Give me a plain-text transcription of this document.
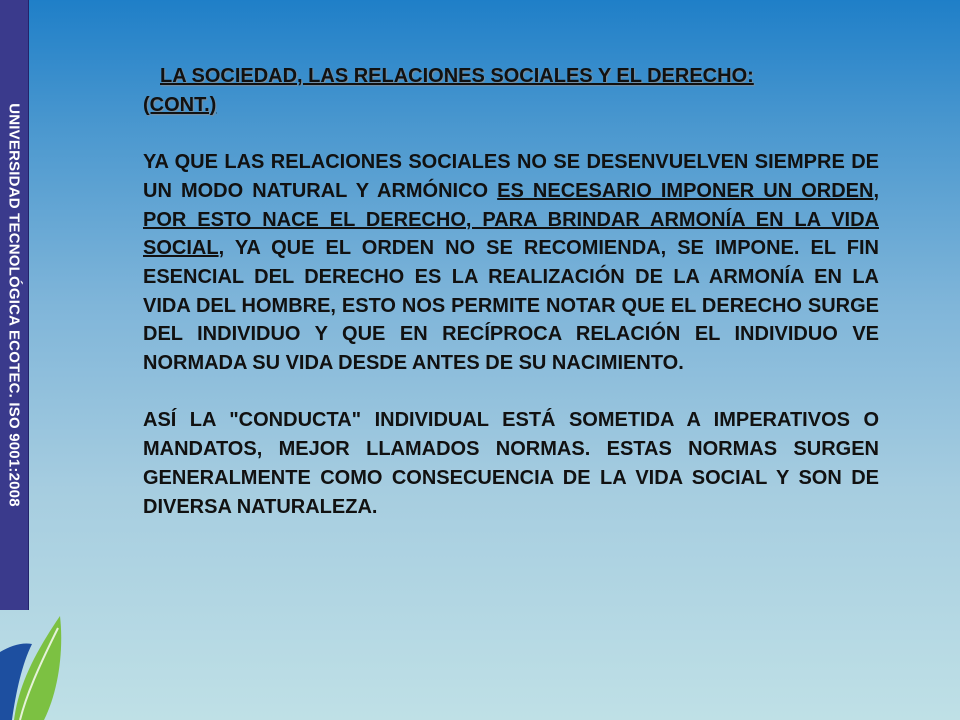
UNIVERSIDAD TECNOLÓGICA ECOTEC. ISO 9001:2008
LA SOCIEDAD, LAS RELACIONES SOCIALES Y EL DERECHO:
(CONT.)

YA QUE LAS RELACIONES SOCIALES NO SE DESENVUELVEN SIEMPRE DE UN MODO NATURAL Y ARMÓNICO ES NECESARIO IMPONER UN ORDEN, POR ESTO NACE EL DERECHO, PARA BRINDAR ARMONÍA EN LA VIDA SOCIAL, YA QUE EL ORDEN NO SE RECOMIENDA, SE IMPONE. EL FIN ESENCIAL DEL DERECHO ES LA REALIZACIÓN DE LA ARMONÍA EN LA VIDA DEL HOMBRE, ESTO NOS PERMITE NOTAR QUE EL DERECHO SURGE DEL INDIVIDUO Y QUE EN RECÍPROCA RELACIÓN EL INDIVIDUO VE NORMADA SU VIDA DESDE ANTES DE SU NACIMIENTO.

ASÍ LA "CONDUCTA" INDIVIDUAL ESTÁ SOMETIDA A IMPERATIVOS O MANDATOS, MEJOR LLAMADOS NORMAS. ESTAS NORMAS SURGEN GENERALMENTE COMO CONSECUENCIA DE LA VIDA SOCIAL Y SON DE DIVERSA NATURALEZA.
